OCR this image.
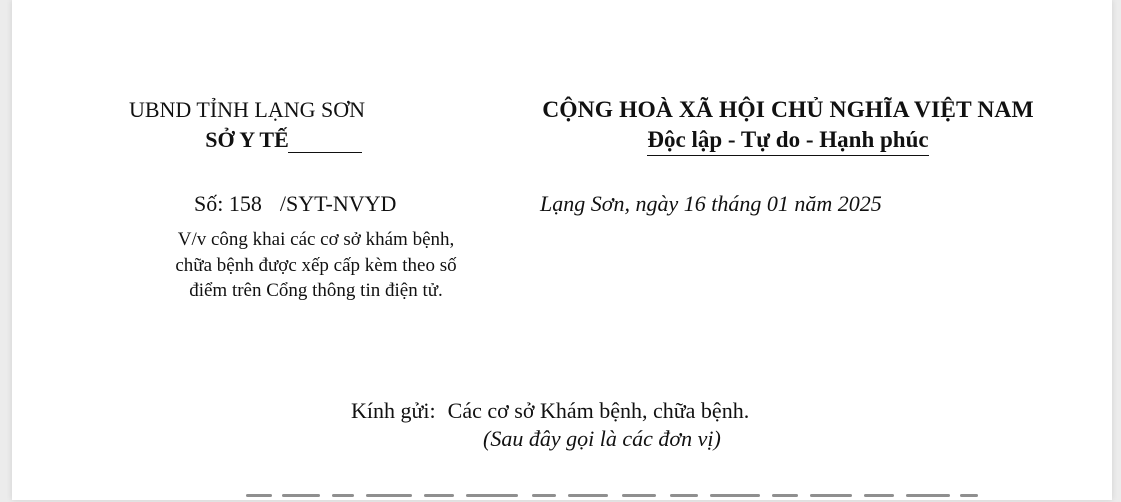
UBND TỈNH LẠNG SƠN
SỞ Y TẾ
CỘNG HOÀ XÃ HỘI CHỦ NGHĨA VIỆT NAM
Độc lập - Tự do - Hạnh phúc
Số: 158 /SYT-NVYD	Lạng Sơn, ngày 16 tháng 01 năm 2025
V/v công khai các cơ sở khám bệnh, chữa bệnh được xếp cấp kèm theo số điểm trên Cổng thông tin điện tử.
Kính gửi: Các cơ sở Khám bệnh, chữa bệnh.
(Sau đây gọi là các đơn vị)
